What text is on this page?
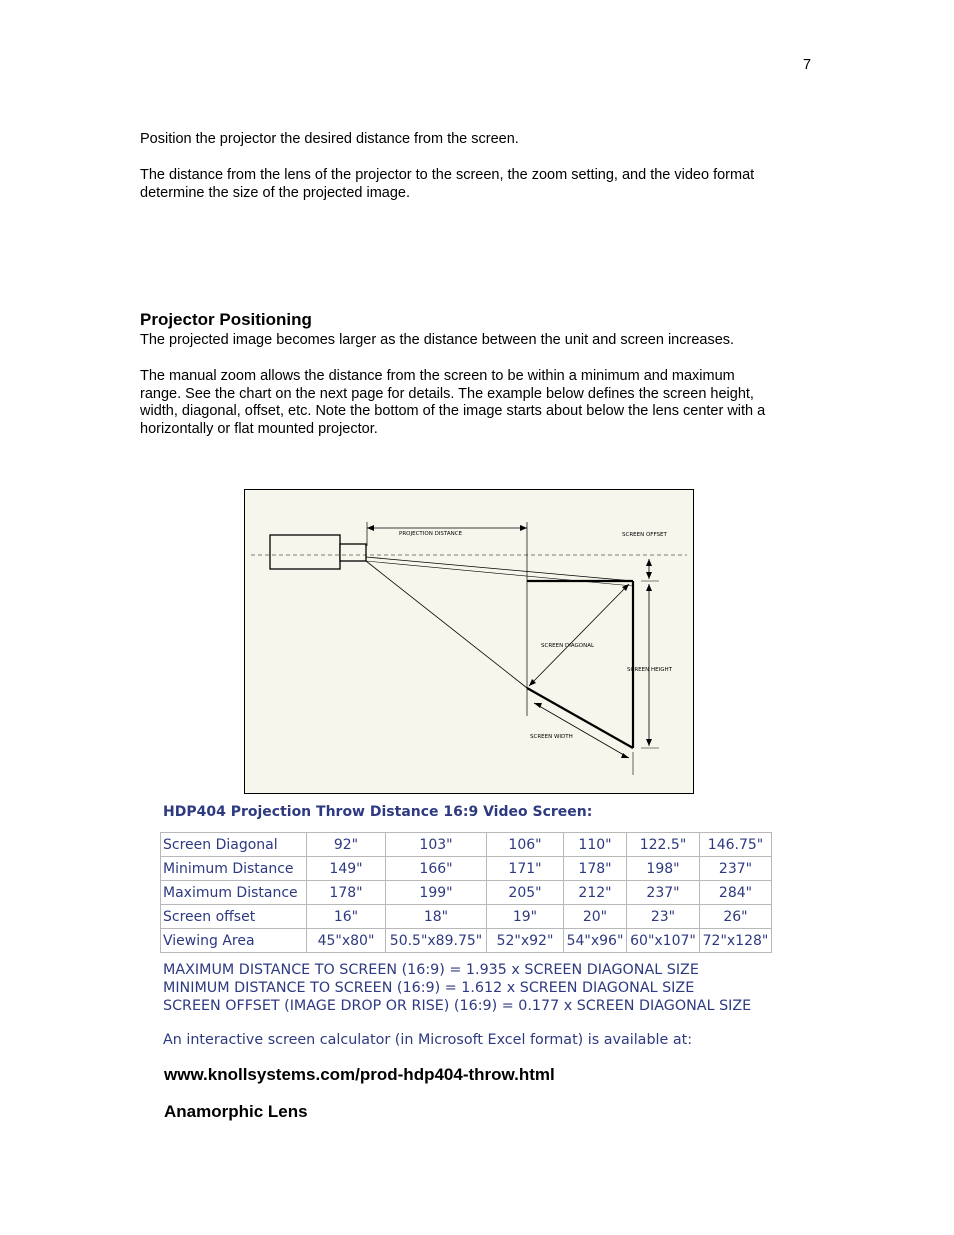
7

Position the projector the desired distance from the screen.

The distance from the lens of the projector to the screen, the zoom setting, and the video format

determine the size of the projected image.

Projector Positioning

The projected image becomes larger as the distance between the unit and screen increases.

The manual zoom allows the distance from the screen to be within a minimum and maximum

range. See the chart on the next page for details. The example below defines the screen height,

width, diagonal, offset, etc. Note the bottom of the image starts about below the lens center with a

horizontally or flat mounted projector.

PROJECTION DISTANCE	SCREEN OFFSET
SCREEN DIAGONAL
SCREEN HEIGHT
SCREEN WIDTH
HDP404 Projection Throw Distance 16:9 Video Screen:
Screen Diagonal	92"	103"	106"	110"	122.5"	146.75"
Minimum Distance	149"	166"	171"	178"	198"	237"
Maximum Distance	178"	199"	205"	212"	237"	284"
Screen offset	16"	18"	19"	20"	23"	26"
Viewing Area	45"x80"	50.5"x89.75"	52"x92"	54"x96"	60"x107"	72"x128"

MAXIMUM DISTANCE TO SCREEN (16:9) = 1.935 x SCREEN DIAGONAL SIZE

MINIMUM DISTANCE TO SCREEN (16:9) = 1.612 x SCREEN DIAGONAL SIZE

SCREEN OFFSET (IMAGE DROP OR RISE) (16:9) = 0.177 x SCREEN DIAGONAL SIZE

An interactive screen calculator (in Microsoft Excel format) is available at:

www.knollsystems.com/prod-hdp404-throw.html
Anamorphic Lens
